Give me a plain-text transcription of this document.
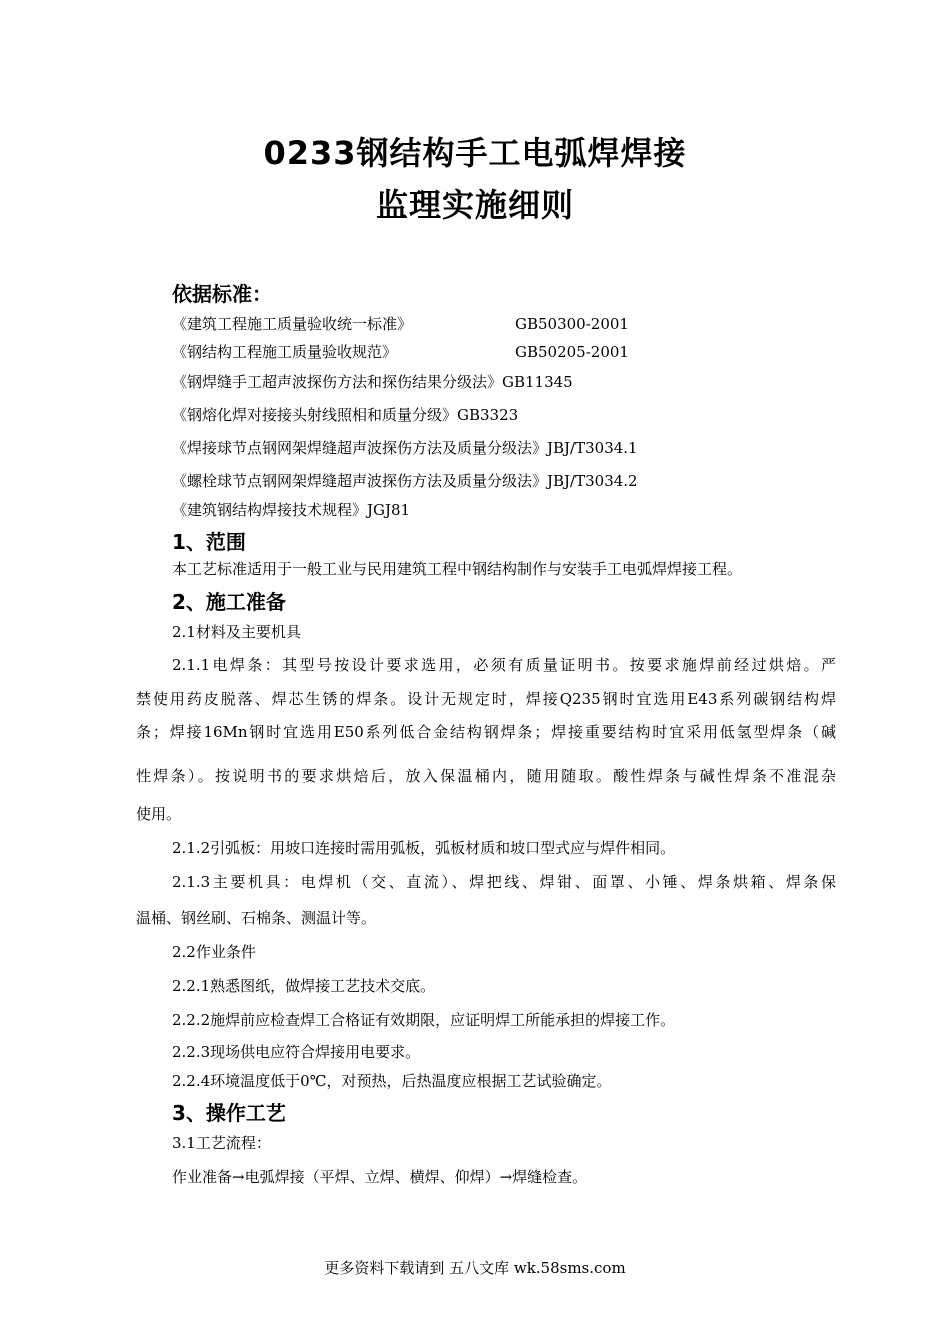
0233钢结构手工电弧焊焊接
监理实施细则
依据标准：
《建筑工程施工质量验收统一标准》	GB50300-2001
《钢结构工程施工质量验收规范》	GB50205-2001
《钢焊缝手工超声波探伤方法和探伤结果分级法》GB11345
《钢熔化焊对接接头射线照相和质量分级》GB3323
《焊接球节点钢网架焊缝超声波探伤方法及质量分级法》JBJ/T3034.1
《螺栓球节点钢网架焊缝超声波探伤方法及质量分级法》JBJ/T3034.2
《建筑钢结构焊接技术规程》JGJ81
1、范围
本工艺标准适用于一般工业与民用建筑工程中钢结构制作与安装手工电弧焊焊接工程。
2、施工准备
2.1材料及主要机具
2.1.1电焊条：其型号按设计要求选用，必须有质量证明书。按要求施焊前经过烘焙。严
禁使用药皮脱落、焊芯生锈的焊条。设计无规定时，焊接Q235钢时宜选用E43系列碳钢结构焊
条；焊接16Mn钢时宜选用E50系列低合金结构钢焊条；焊接重要结构时宜采用低氢型焊条（碱
性焊条）。按说明书的要求烘焙后，放入保温桶内，随用随取。酸性焊条与碱性焊条不准混杂
使用。
2.1.2引弧板：用坡口连接时需用弧板，弧板材质和坡口型式应与焊件相同。
2.1.3主要机具：电焊机（交、直流）、焊把线、焊钳、面罩、小锤、焊条烘箱、焊条保
温桶、钢丝刷、石棉条、测温计等。
2.2作业条件
2.2.1熟悉图纸，做焊接工艺技术交底。
2.2.2施焊前应检查焊工合格证有效期限，应证明焊工所能承担的焊接工作。
2.2.3现场供电应符合焊接用电要求。
2.2.4环境温度低于0℃，对预热，后热温度应根据工艺试验确定。
3、操作工艺
3.1工艺流程：
作业准备→电弧焊接（平焊、立焊、横焊、仰焊）→焊缝检查。
更多资料下载请到 五八文库 wk.58sms.com
